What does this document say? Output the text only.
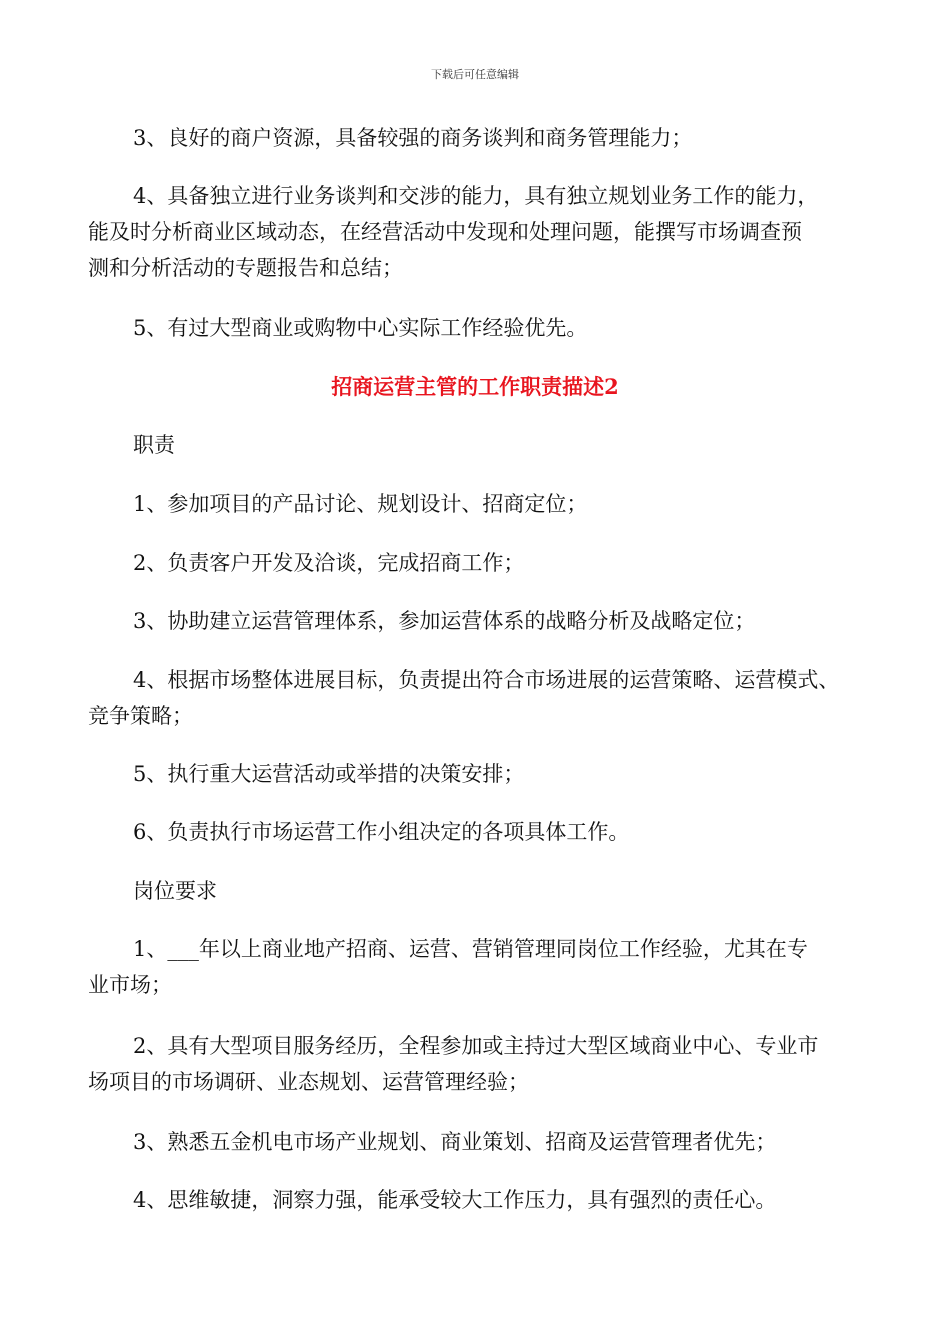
下载后可任意编辑
3、良好的商户资源，具备较强的商务谈判和商务管理能力；
4、具备独立进行业务谈判和交涉的能力，具有独立规划业务工作的能力，
能及时分析商业区域动态，在经营活动中发现和处理问题，能撰写市场调查预
测和分析活动的专题报告和总结；
5、有过大型商业或购物中心实际工作经验优先。
招商运营主管的工作职责描述2
职责
1、参加项目的产品讨论、规划设计、招商定位；
2、负责客户开发及洽谈，完成招商工作；
3、协助建立运营管理体系，参加运营体系的战略分析及战略定位；
4、根据市场整体进展目标，负责提出符合市场进展的运营策略、运营模式、
竞争策略；
5、执行重大运营活动或举措的决策安排；
6、负责执行市场运营工作小组决定的各项具体工作。
岗位要求
1、___年以上商业地产招商、运营、营销管理同岗位工作经验，尤其在专
业市场；
2、具有大型项目服务经历，全程参加或主持过大型区域商业中心、专业市
场项目的市场调研、业态规划、运营管理经验；
3、熟悉五金机电市场产业规划、商业策划、招商及运营管理者优先；
4、思维敏捷，洞察力强，能承受较大工作压力，具有强烈的责任心。
